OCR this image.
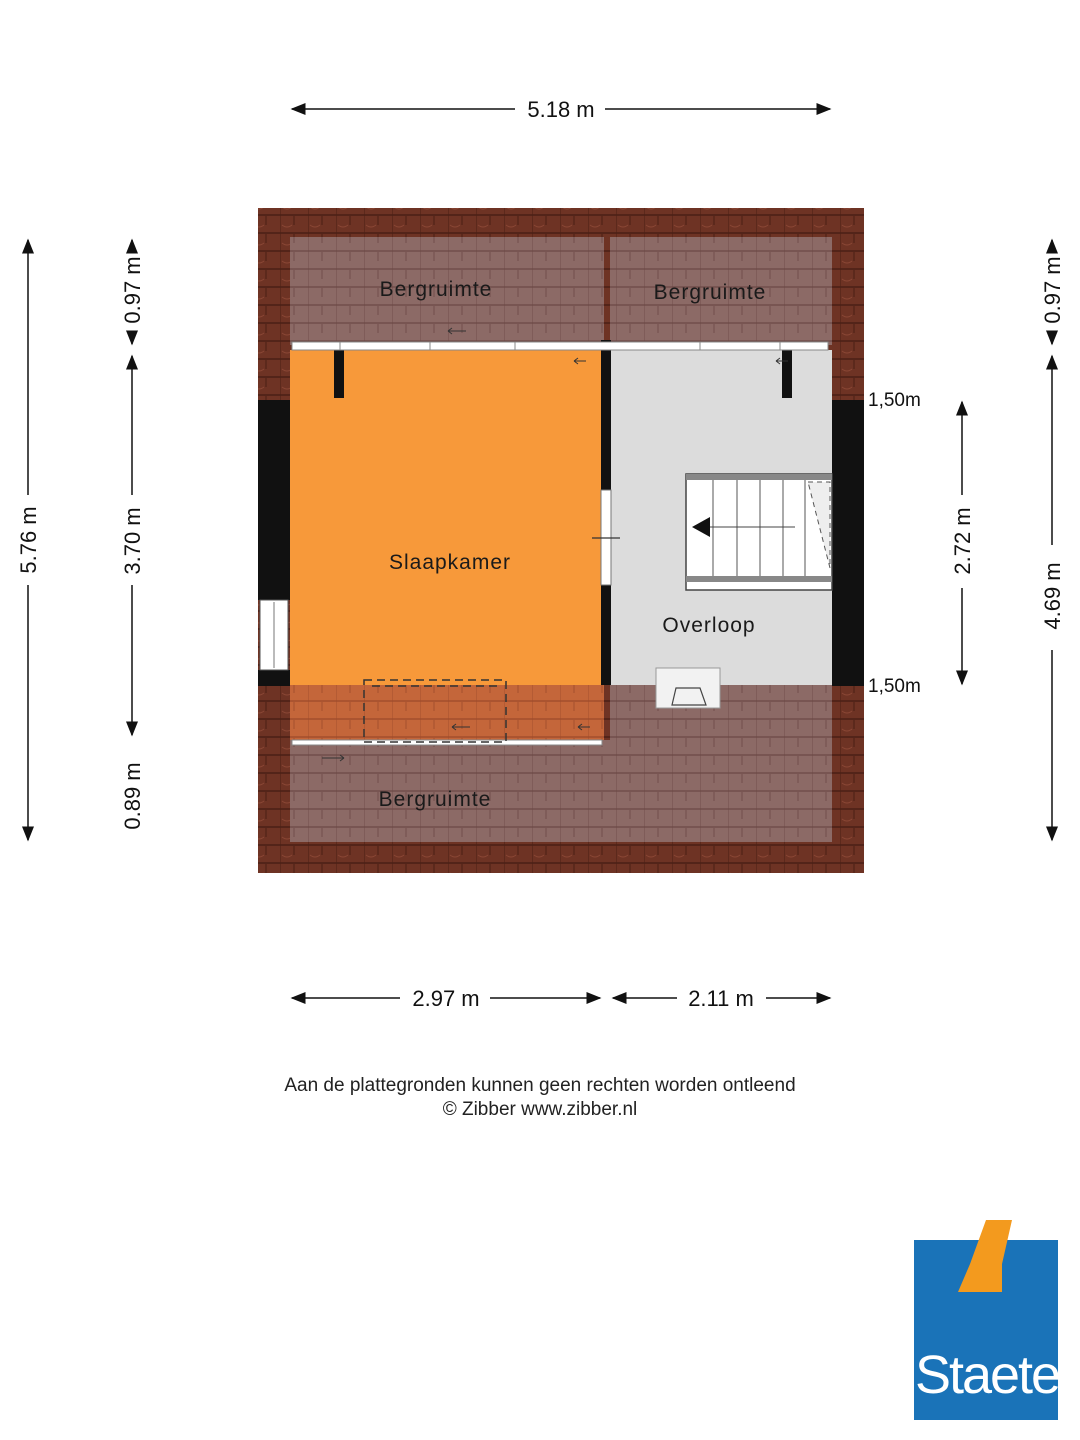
Bergruimte	Bergruimte
Slaapkamer
Overloop
Bergruimte
5.18 m
2.97 m	2.11 m
5.76 m
0.97 m
3.70 m
0.89 m
2.72 m
0.97 m
4.69 m
1,50m
1,50m
Aan de plattegronden kunnen geen rechten worden ontleend
© Zibber www.zibber.nl
Staete
